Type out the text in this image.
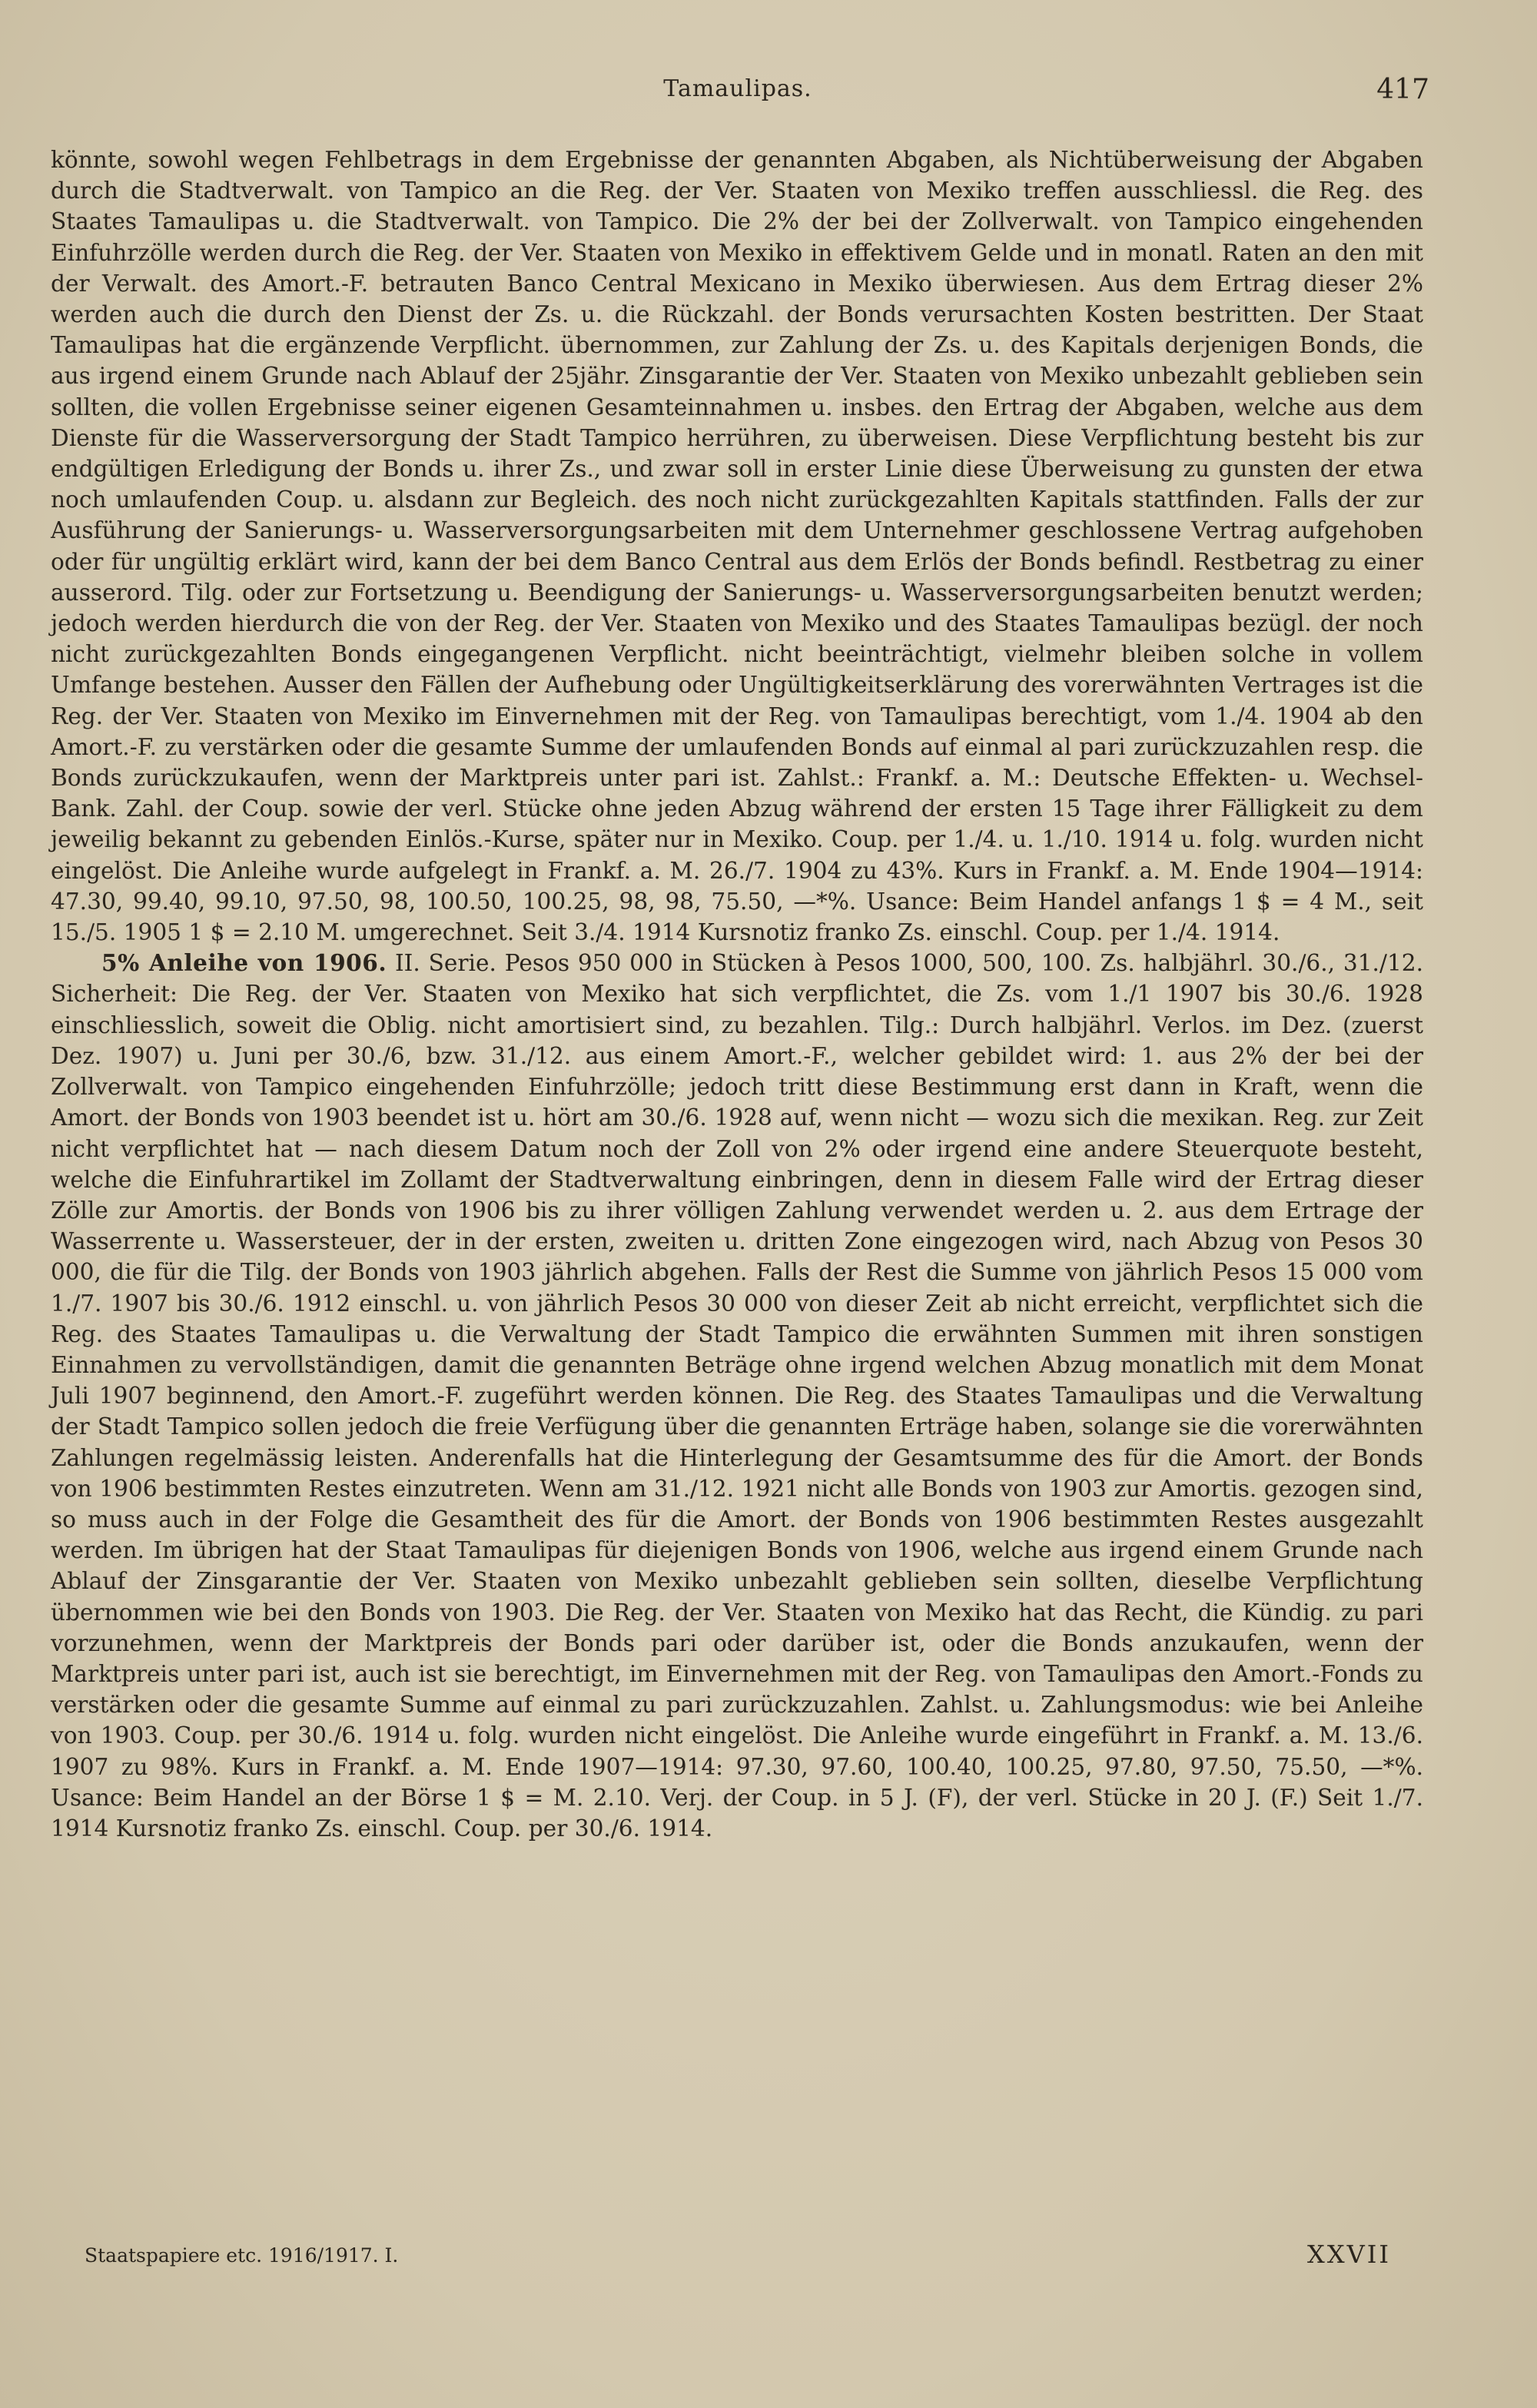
Tamaulipas.	417

könnte, sowohl wegen Fehlbetrags in dem Ergebnisse der genannten Abgaben, als Nichtüberweisung der Abgaben durch die Stadtverwalt. von Tampico an die Reg. der Ver. Staaten von Mexiko treffen ausschliessl. die Reg. des Staates Tamaulipas u. die Stadtverwalt. von Tampico. Die 2% der bei der Zollverwalt. von Tampico eingehenden Einfuhrzölle werden durch die Reg. der Ver. Staaten von Mexiko in effektivem Gelde und in monatl. Raten an den mit der Verwalt. des Amort.-F. betrauten Banco Central Mexicano in Mexiko überwiesen. Aus dem Ertrag dieser 2% werden auch die durch den Dienst der Zs. u. die Rückzahl. der Bonds verursachten Kosten bestritten. Der Staat Tamaulipas hat die ergänzende Verpflicht. übernommen, zur Zahlung der Zs. u. des Kapitals derjenigen Bonds, die aus irgend einem Grunde nach Ablauf der 25jähr. Zinsgarantie der Ver. Staaten von Mexiko unbezahlt geblieben sein sollten, die vollen Ergebnisse seiner eigenen Gesamteinnahmen u. insbes. den Ertrag der Abgaben, welche aus dem Dienste für die Wasserversorgung der Stadt Tampico herrühren, zu überweisen. Diese Verpflichtung besteht bis zur endgültigen Erledigung der Bonds u. ihrer Zs., und zwar soll in erster Linie diese Überweisung zu gunsten der etwa noch umlaufenden Coup. u. alsdann zur Begleich. des noch nicht zurückgezahlten Kapitals stattfinden. Falls der zur Ausführung der Sanierungs- u. Wasserversorgungsarbeiten mit dem Unternehmer geschlossene Vertrag aufgehoben oder für ungültig erklärt wird, kann der bei dem Banco Central aus dem Erlös der Bonds befindl. Restbetrag zu einer ausserord. Tilg. oder zur Fortsetzung u. Beendigung der Sanierungs- u. Wasserversorgungsarbeiten benutzt werden; jedoch werden hierdurch die von der Reg. der Ver. Staaten von Mexiko und des Staates Tamaulipas bezügl. der noch nicht zurückgezahlten Bonds eingegangenen Verpflicht. nicht beeinträchtigt, vielmehr bleiben solche in vollem Umfange bestehen. Ausser den Fällen der Aufhebung oder Ungültigkeitserklärung des vorerwähnten Vertrages ist die Reg. der Ver. Staaten von Mexiko im Einvernehmen mit der Reg. von Tamaulipas berechtigt, vom 1./4. 1904 ab den Amort.-F. zu verstärken oder die gesamte Summe der umlaufenden Bonds auf einmal al pari zurückzuzahlen resp. die Bonds zurückzukaufen, wenn der Marktpreis unter pari ist. Zahlst.: Frankf. a. M.: Deutsche Effekten- u. Wechsel-Bank. Zahl. der Coup. sowie der verl. Stücke ohne jeden Abzug während der ersten 15 Tage ihrer Fälligkeit zu dem jeweilig bekannt zu gebenden Einlös.-Kurse, später nur in Mexiko. Coup. per 1./4. u. 1./10. 1914 u. folg. wurden nicht eingelöst. Die Anleihe wurde aufgelegt in Frankf. a. M. 26./7. 1904 zu 43%. Kurs in Frankf. a. M. Ende 1904—1914: 47.30, 99.40, 99.10, 97.50, 98, 100.50, 100.25, 98, 98, 75.50, —*%. Usance: Beim Handel anfangs 1 $ = 4 M., seit 15./5. 1905 1 $ = 2.10 M. umgerechnet. Seit 3./4. 1914 Kursnotiz franko Zs. einschl. Coup. per 1./4. 1914.

5% Anleihe von 1906. II. Serie. Pesos 950 000 in Stücken à Pesos 1000, 500, 100. Zs. halbjährl. 30./6., 31./12. Sicherheit: Die Reg. der Ver. Staaten von Mexiko hat sich verpflichtet, die Zs. vom 1./1 1907 bis 30./6. 1928 einschliesslich, soweit die Oblig. nicht amortisiert sind, zu bezahlen. Tilg.: Durch halbjährl. Verlos. im Dez. (zuerst Dez. 1907) u. Juni per 30./6, bzw. 31./12. aus einem Amort.-F., welcher gebildet wird: 1. aus 2% der bei der Zollverwalt. von Tampico eingehenden Einfuhrzölle; jedoch tritt diese Bestimmung erst dann in Kraft, wenn die Amort. der Bonds von 1903 beendet ist u. hört am 30./6. 1928 auf, wenn nicht — wozu sich die mexikan. Reg. zur Zeit nicht verpflichtet hat — nach diesem Datum noch der Zoll von 2% oder irgend eine andere Steuerquote besteht, welche die Einfuhrartikel im Zollamt der Stadtverwaltung einbringen, denn in diesem Falle wird der Ertrag dieser Zölle zur Amortis. der Bonds von 1906 bis zu ihrer völligen Zahlung verwendet werden u. 2. aus dem Ertrage der Wasserrente u. Wassersteuer, der in der ersten, zweiten u. dritten Zone eingezogen wird, nach Abzug von Pesos 30 000, die für die Tilg. der Bonds von 1903 jährlich abgehen. Falls der Rest die Summe von jährlich Pesos 15 000 vom 1./7. 1907 bis 30./6. 1912 einschl. u. von jährlich Pesos 30 000 von dieser Zeit ab nicht erreicht, verpflichtet sich die Reg. des Staates Tamaulipas u. die Verwaltung der Stadt Tampico die erwähnten Summen mit ihren sonstigen Einnahmen zu vervollständigen, damit die genannten Beträge ohne irgend welchen Abzug monatlich mit dem Monat Juli 1907 beginnend, den Amort.-F. zugeführt werden können. Die Reg. des Staates Tamaulipas und die Verwaltung der Stadt Tampico sollen jedoch die freie Verfügung über die genannten Erträge haben, solange sie die vorerwähnten Zahlungen regelmässig leisten. Anderenfalls hat die Hinterlegung der Gesamtsumme des für die Amort. der Bonds von 1906 bestimmten Restes einzutreten. Wenn am 31./12. 1921 nicht alle Bonds von 1903 zur Amortis. gezogen sind, so muss auch in der Folge die Gesamtheit des für die Amort. der Bonds von 1906 bestimmten Restes ausgezahlt werden. Im übrigen hat der Staat Tamaulipas für diejenigen Bonds von 1906, welche aus irgend einem Grunde nach Ablauf der Zinsgarantie der Ver. Staaten von Mexiko unbezahlt geblieben sein sollten, dieselbe Verpflichtung übernommen wie bei den Bonds von 1903. Die Reg. der Ver. Staaten von Mexiko hat das Recht, die Kündig. zu pari vorzunehmen, wenn der Marktpreis der Bonds pari oder darüber ist, oder die Bonds anzukaufen, wenn der Marktpreis unter pari ist, auch ist sie berechtigt, im Einvernehmen mit der Reg. von Tamaulipas den Amort.-Fonds zu verstärken oder die gesamte Summe auf einmal zu pari zurückzuzahlen. Zahlst. u. Zahlungsmodus: wie bei Anleihe von 1903. Coup. per 30./6. 1914 u. folg. wurden nicht eingelöst. Die Anleihe wurde eingeführt in Frankf. a. M. 13./6. 1907 zu 98%. Kurs in Frankf. a. M. Ende 1907—1914: 97.30, 97.60, 100.40, 100.25, 97.80, 97.50, 75.50, —*%. Usance: Beim Handel an der Börse 1 $ = M. 2.10. Verj. der Coup. in 5 J. (F), der verl. Stücke in 20 J. (F.) Seit 1./7. 1914 Kursnotiz franko Zs. einschl. Coup. per 30./6. 1914.

Staatspapiere etc. 1916/1917. I.	XXVII
